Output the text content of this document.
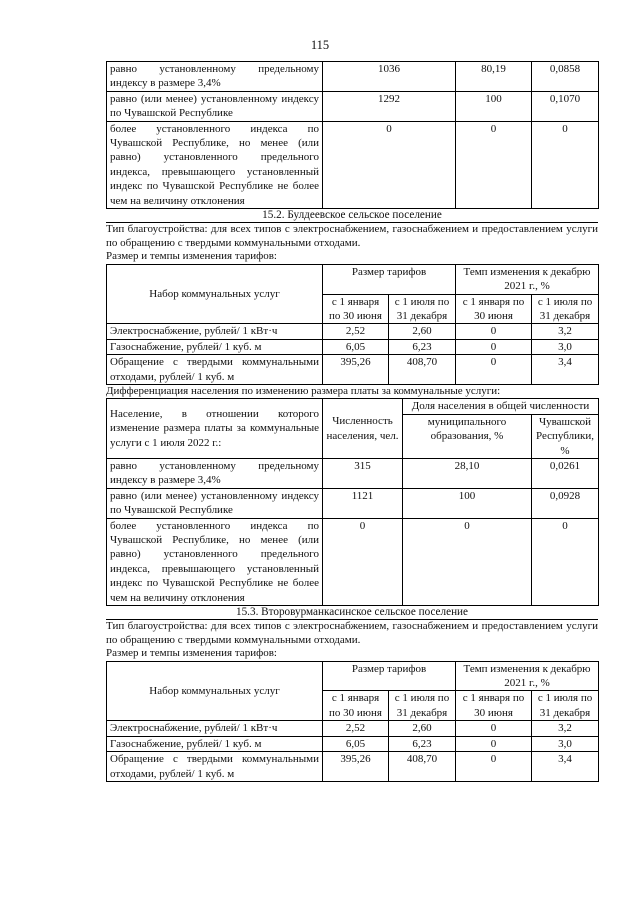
115
равно установленному предельному индексу в размере 3,4%	1036	80,19	0,0858
равно (или менее) установленному индексу по Чувашской Республике	1292	100	0,1070
более установленного индекса по Чувашской Республике, но менее (или равно) установленного предельного индекса, превышающего установленный индекс по Чувашской Республике не более чем на величину отклонения	0	0	0
15.2. Булдеевское сельское поселение
Тип благоустройства: для всех типов с электроснабжением, газоснабжением и предоставлением услуги по обращению с твердыми коммунальными отходами.
Размер и темпы изменения тарифов:
Набор коммунальных услуг	Размер тарифов		Темп изменения к декабрю 2021 г., %	
	с 1 января по 30 июня	с 1 июля по 31 декабря	с 1 января по 30 июня	с 1 июля по 31 декабря
Электроснабжение, рублей/ 1 кВт·ч	2,52	2,60	0	3,2
Газоснабжение, рублей/ 1 куб. м	6,05	6,23	0	3,0
Обращение с твердыми коммунальными отходами, рублей/ 1 куб. м	395,26	408,70	0	3,4
Дифференциация населения по изменению размера платы за коммунальные услуги:
Население, в отношении которого изменение размера платы за коммунальные услуги с 1 июля 2022 г.:	Численность населения, чел.	Доля населения в общей численности	
		муниципального образования, %	Чувашской Республики, %
равно установленному предельному индексу в размере 3,4%	315	28,10	0,0261
равно (или менее) установленному индексу по Чувашской Республике	1121	100	0,0928
более установленного индекса по Чувашской Республике, но менее (или равно) установленного предельного индекса, превышающего установленный индекс по Чувашской Республике не более чем на величину отклонения	0	0	0
15.3. Второвурманкасинское сельское поселение
Тип благоустройства: для всех типов с электроснабжением, газоснабжением и предоставлением услуги по обращению с твердыми коммунальными отходами.
Размер и темпы изменения тарифов:
Набор коммунальных услуг	Размер тарифов		Темп изменения к декабрю 2021 г., %	
	с 1 января по 30 июня	с 1 июля по 31 декабря	с 1 января по 30 июня	с 1 июля по 31 декабря
Электроснабжение, рублей/ 1 кВт·ч	2,52	2,60	0	3,2
Газоснабжение, рублей/ 1 куб. м	6,05	6,23	0	3,0
Обращение с твердыми коммунальными отходами, рублей/ 1 куб. м	395,26	408,70	0	3,4
